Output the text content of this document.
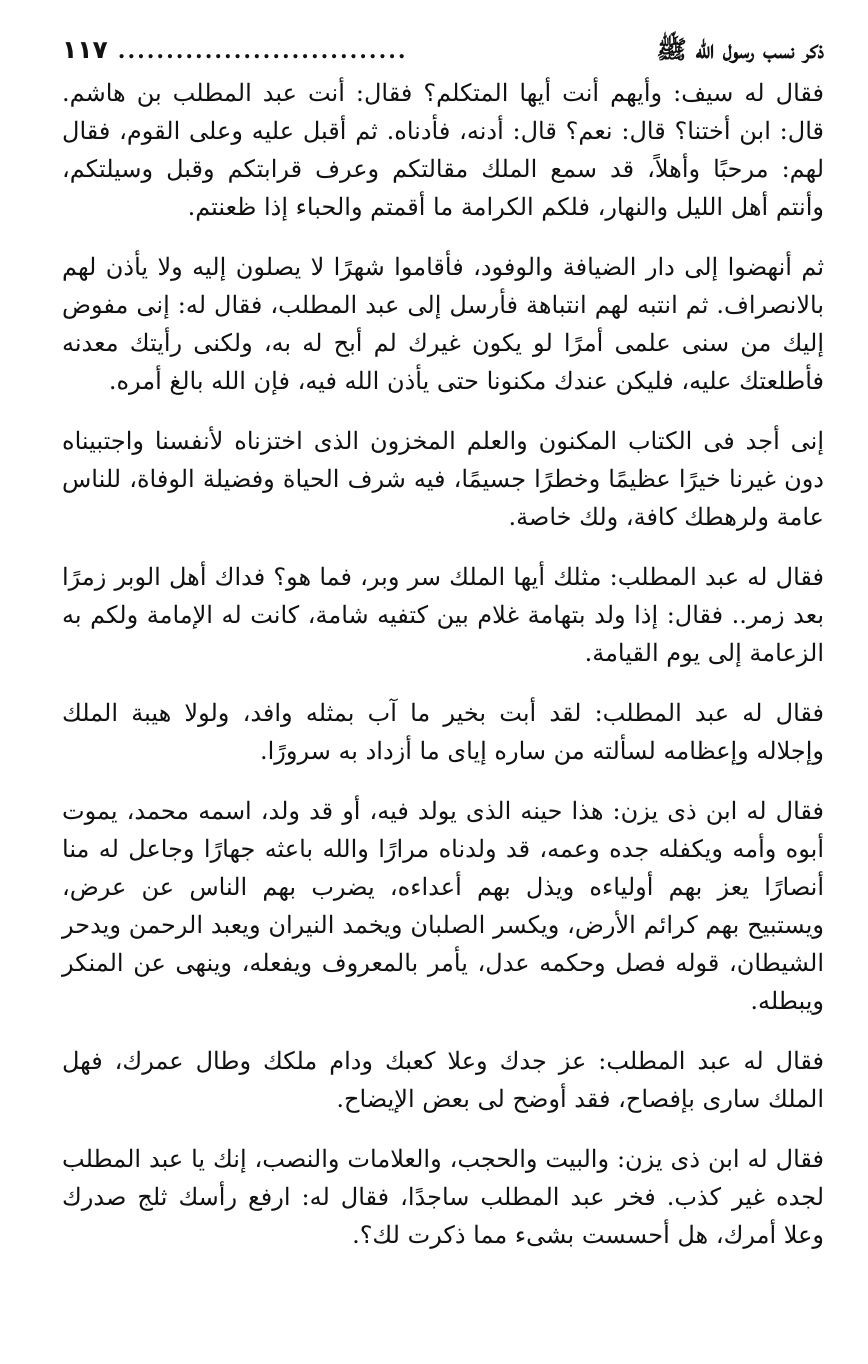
ذكر نسب رسول الله ﷺ
..............................
١١٧

فقال له سيف: وأيهم أنت أيها المتكلم؟ فقال: أنت عبد المطلب بن هاشم. قال: ابن أختنا؟ قال: نعم؟ قال: أدنه، فأدناه. ثم أقبل عليه وعلى القوم، فقال لهم: مرحبًا وأهلاً، قد سمع الملك مقالتكم وعرف قرابتكم وقبل وسيلتكم، وأنتم أهل الليل والنهار، فلكم الكرامة ما أقمتم والحباء إذا ظعنتم.

ثم أنهضوا إلى دار الضيافة والوفود، فأقاموا شهرًا لا يصلون إليه ولا يأذن لهم بالانصراف. ثم انتبه لهم انتباهة فأرسل إلى عبد المطلب، فقال له: إنى مفوض إليك من سنى علمى أمرًا لو يكون غيرك لم أبح له به، ولكنى رأيتك معدنه فأطلعتك عليه، فليكن عندك مكنونا حتى يأذن الله فيه، فإن الله بالغ أمره.

إنى أجد فى الكتاب المكنون والعلم المخزون الذى اختزناه لأنفسنا واجتبيناه دون غيرنا خيرًا عظيمًا وخطرًا جسيمًا، فيه شرف الحياة وفضيلة الوفاة، للناس عامة ولرهطك كافة، ولك خاصة.

فقال له عبد المطلب: مثلك أيها الملك سر وبر، فما هو؟ فداك أهل الوبر زمرًا بعد زمر.. فقال: إذا ولد بتهامة غلام بين كتفيه شامة، كانت له الإمامة ولكم به الزعامة إلى يوم القيامة.

فقال له عبد المطلب: لقد أبت بخير ما آب بمثله وافد، ولولا هيبة الملك وإجلاله وإعظامه لسألته من ساره إياى ما أزداد به سرورًا.

فقال له ابن ذى يزن: هذا حينه الذى يولد فيه، أو قد ولد، اسمه محمد، يموت أبوه وأمه ويكفله جده وعمه، قد ولدناه مرارًا والله باعثه جهارًا وجاعل له منا أنصارًا يعز بهم أولياءه ويذل بهم أعداءه، يضرب بهم الناس عن عرض، ويستبيح بهم كرائم الأرض، ويكسر الصلبان ويخمد النيران ويعبد الرحمن ويدحر الشيطان، قوله فصل وحكمه عدل، يأمر بالمعروف ويفعله، وينهى عن المنكر ويبطله.

فقال له عبد المطلب: عز جدك وعلا كعبك ودام ملكك وطال عمرك، فهل الملك سارى بإفصاح، فقد أوضح لى بعض الإيضاح.

فقال له ابن ذى يزن: والبيت والحجب، والعلامات والنصب، إنك يا عبد المطلب لجده غير كذب. فخر عبد المطلب ساجدًا، فقال له: ارفع رأسك ثلج صدرك وعلا أمرك، هل أحسست بشىء مما ذكرت لك؟.
